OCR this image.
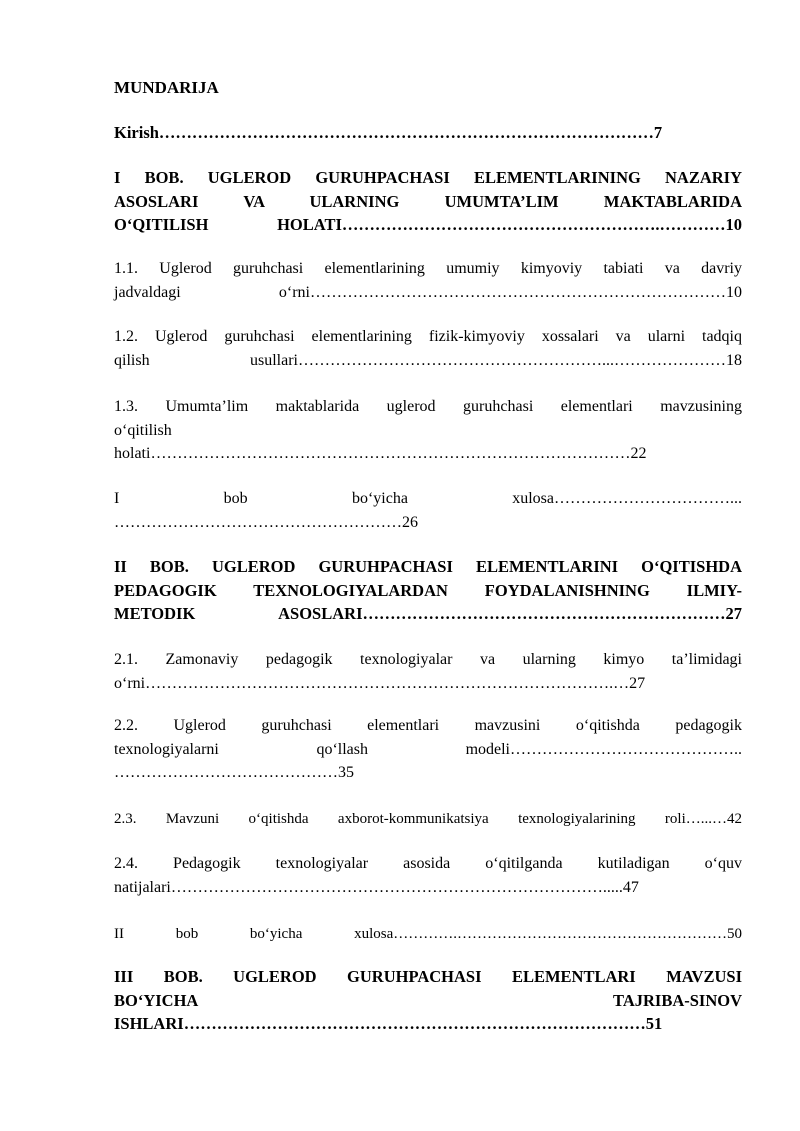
MUNDARIJA

Kirish………………………………………………………………………………7

I BOB. UGLEROD GURUHPACHASI ELEMENTLARINING NAZARIY
ASOSLARI VA ULARNING UMUMTA’LIM MAKTABLARIDA
O‘QITILISH HOLATI………………………………………………….…………10

1.1. Uglerod guruhchasi elementlarining umumiy kimyoviy tabiati va davriy
jadvaldagi o‘rni……………………………………………………………………10

1.2. Uglerod guruhchasi elementlarining fizik-kimyoviy xossalari va ularni tadqiq
qilish usullari…………………………………………………...…………………18

1.3. Umumta’lim maktablarida uglerod guruhchasi elementlari mavzusining
o‘qitilish
holati………………………………………………………………………………22

I bob bo‘yicha xulosa……………………………...
………………………………………………26

II BOB. UGLEROD GURUHPACHASI ELEMENTLARINI O‘QITISHDA
PEDAGOGIK TEXNOLOGIYALARDAN FOYDALANISHNING ILMIY-
METODIK ASOSLARI…………………………………………………………27

2.1. Zamonaviy pedagogik texnologiyalar va ularning kimyo ta’limidagi
o‘rni…………………………………………………………………………….…27

2.2. Uglerod guruhchasi elementlari mavzusini o‘qitishda pedagogik
texnologiyalarni qo‘llash modeli……………………………………..
……………………………………35

2.3. Mavzuni o‘qitishda axborot-kommunikatsiya texnologiyalarining roli…...…42

2.4. Pedagogik texnologiyalar asosida o‘qitilganda kutiladigan o‘quv
natijalari……………………………………………………………………….....47

II bob bo‘yicha xulosa………….………………………………………………50

III BOB. UGLEROD GURUHPACHASI ELEMENTLARI MAVZUSI
BO‘YICHA TAJRIBA-SINOV
ISHLARI…………………………………………………………………………51
